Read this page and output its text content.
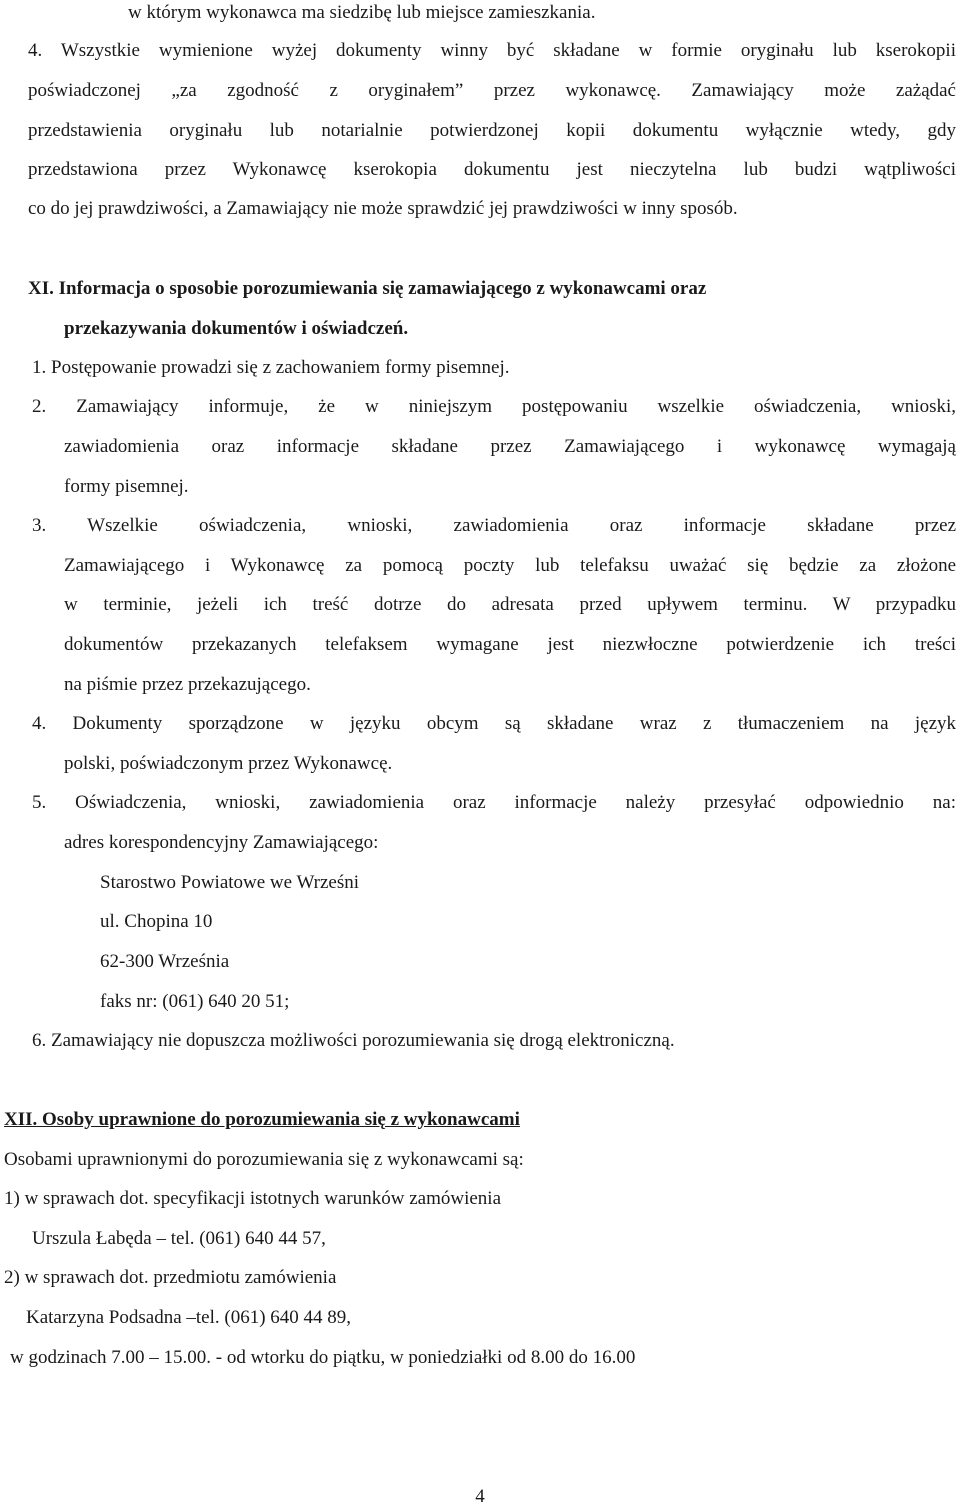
w którym wykonawca ma siedzibę lub miejsce zamieszkania.
4. Wszystkie wymienione wyżej dokumenty winny być składane w formie oryginału lub kserokopii
poświadczonej „za zgodność z oryginałem” przez wykonawcę. Zamawiający może zażądać
przedstawienia oryginału lub notarialnie potwierdzonej kopii dokumentu wyłącznie wtedy, gdy
przedstawiona przez Wykonawcę kserokopia dokumentu jest nieczytelna lub budzi wątpliwości
co do jej prawdziwości, a Zamawiający nie może sprawdzić jej prawdziwości w inny sposób.
XI. Informacja o sposobie porozumiewania się zamawiającego z wykonawcami oraz
przekazywania dokumentów i oświadczeń.
1. Postępowanie prowadzi się z zachowaniem formy pisemnej.
2. Zamawiający informuje, że w niniejszym postępowaniu wszelkie oświadczenia, wnioski,
zawiadomienia oraz informacje składane przez Zamawiającego i wykonawcę wymagają
formy pisemnej.
3. Wszelkie oświadczenia, wnioski, zawiadomienia oraz informacje składane przez
Zamawiającego i Wykonawcę za pomocą poczty lub telefaksu uważać się będzie za złożone
w terminie, jeżeli ich treść dotrze do adresata przed upływem terminu. W przypadku
dokumentów przekazanych telefaksem wymagane jest niezwłoczne potwierdzenie ich treści
na piśmie przez przekazującego.
4. Dokumenty sporządzone w języku obcym są składane wraz z tłumaczeniem na język
polski, poświadczonym przez Wykonawcę.
5. Oświadczenia, wnioski, zawiadomienia oraz informacje należy przesyłać odpowiednio na:
adres korespondencyjny Zamawiającego:
Starostwo Powiatowe we Wrześni
ul. Chopina 10
62-300 Września
faks nr: (061) 640 20 51;
6. Zamawiający nie dopuszcza możliwości porozumiewania się drogą elektroniczną.
XII. Osoby uprawnione do porozumiewania się z wykonawcami
Osobami uprawnionymi do porozumiewania się z wykonawcami są:
1) w sprawach dot. specyfikacji istotnych warunków zamówienia
Urszula Łabęda – tel. (061) 640 44 57,
2) w sprawach dot. przedmiotu zamówienia
Katarzyna Podsadna –tel. (061) 640 44 89,
w godzinach 7.00 – 15.00. - od wtorku do piątku, w poniedziałki od 8.00 do 16.00
4
